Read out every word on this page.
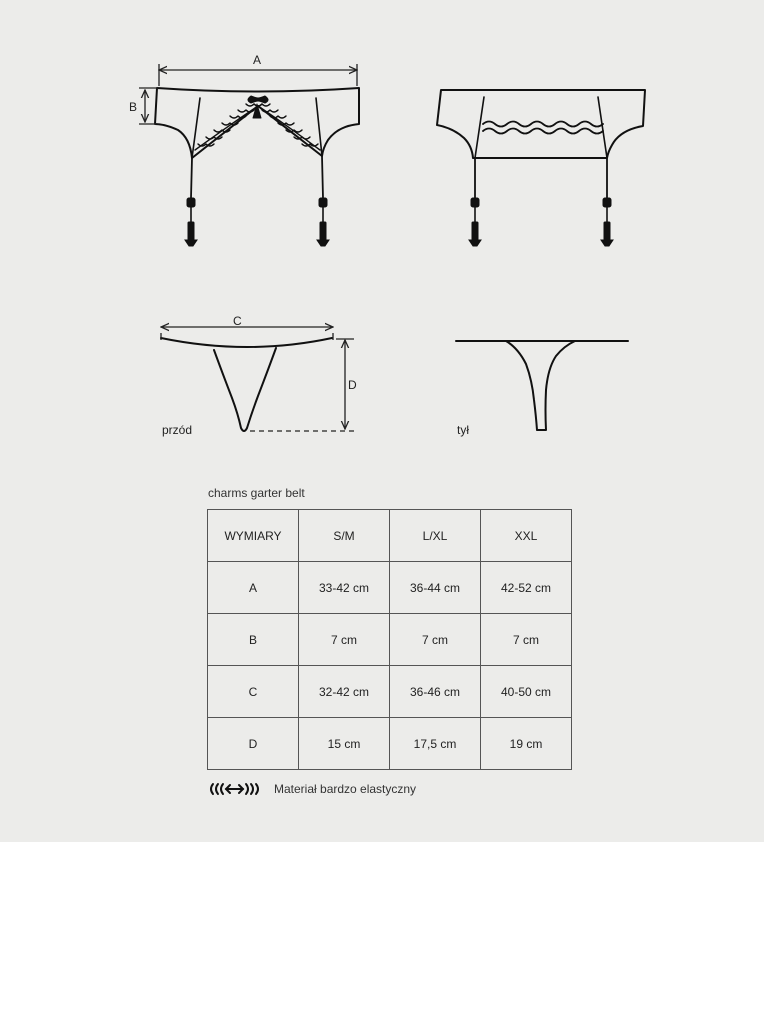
A
B
C
D
przód	tył
charms garter belt
WYMIARY	S/M	L/XL	XXL
A	33-42 cm	36-44 cm	42-52 cm
B	7 cm	7 cm	7 cm
C	32-42 cm	36-46 cm	40-50 cm
D	15 cm	17,5 cm	19 cm
Materiał bardzo elastyczny
